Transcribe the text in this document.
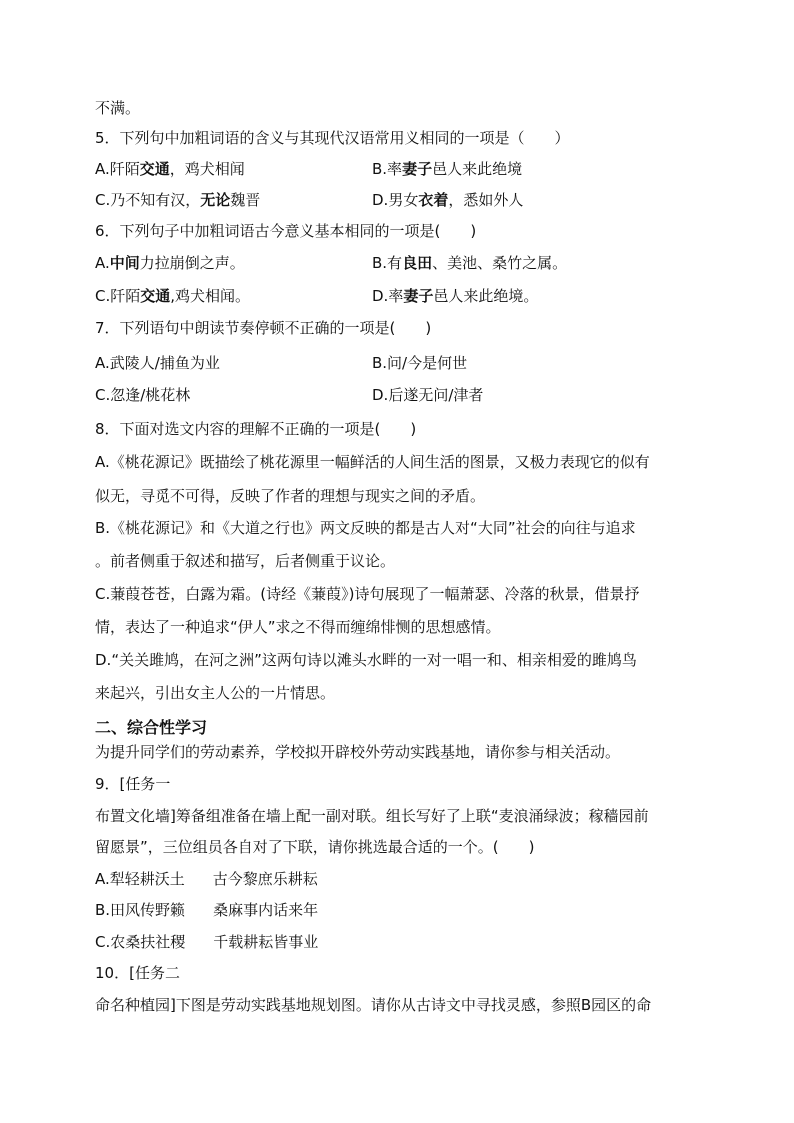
不满。
5．下列句中加粗词语的含义与其现代汉语常用义相同的一项是（　　）
A.阡陌交通，鸡犬相闻	B.率妻子邑人来此绝境
C.乃不知有汉，无论魏晋	D.男女衣着，悉如外人
6．下列句子中加粗词语古今意义基本相同的一项是(　　)
A.中间力拉崩倒之声。	B.有良田、美池、桑竹之属。
C.阡陌交通,鸡犬相闻。	D.率妻子邑人来此绝境。
7．下列语句中朗读节奏停顿不正确的一项是(　　)
A.武陵人/捕鱼为业	B.问/今是何世
C.忽逢/桃花林	D.后遂无问/津者
8．下面对选文内容的理解不正确的一项是(　　)
A.《桃花源记》既描绘了桃花源里一幅鲜活的人间生活的图景，又极力表现它的似有
似无，寻觅不可得，反映了作者的理想与现实之间的矛盾。
B.《桃花源记》和《大道之行也》两文反映的都是古人对“大同”社会的向往与追求
。前者侧重于叙述和描写，后者侧重于议论。
C.蒹葭苍苍，白露为霜。(诗经《蒹葭》)诗句展现了一幅萧瑟、冷落的秋景，借景抒
情，表达了一种追求“伊人”求之不得而缠绵悱恻的思想感情。
D.“关关雎鸠，在河之洲”这两句诗以滩头水畔的一对一唱一和、相亲相爱的雎鸠鸟
来起兴，引出女主人公的一片情思。
二、综合性学习
为提升同学们的劳动素养，学校拟开辟校外劳动实践基地，请你参与相关活动。
9．[任务一
布置文化墙]筹备组准备在墙上配一副对联。组长写好了上联“麦浪涌绿波；稼穑园前
留愿景”，三位组员各自对了下联，请你挑选最合适的一个。(　　)
A.犁轻耕沃土 古今黎庶乐耕耘
B.田风传野籁 桑麻事内话来年
C.农桑扶社稷 千载耕耘皆事业
10．[任务二
命名种植园]下图是劳动实践基地规划图。请你从古诗文中寻找灵感，参照B园区的命
